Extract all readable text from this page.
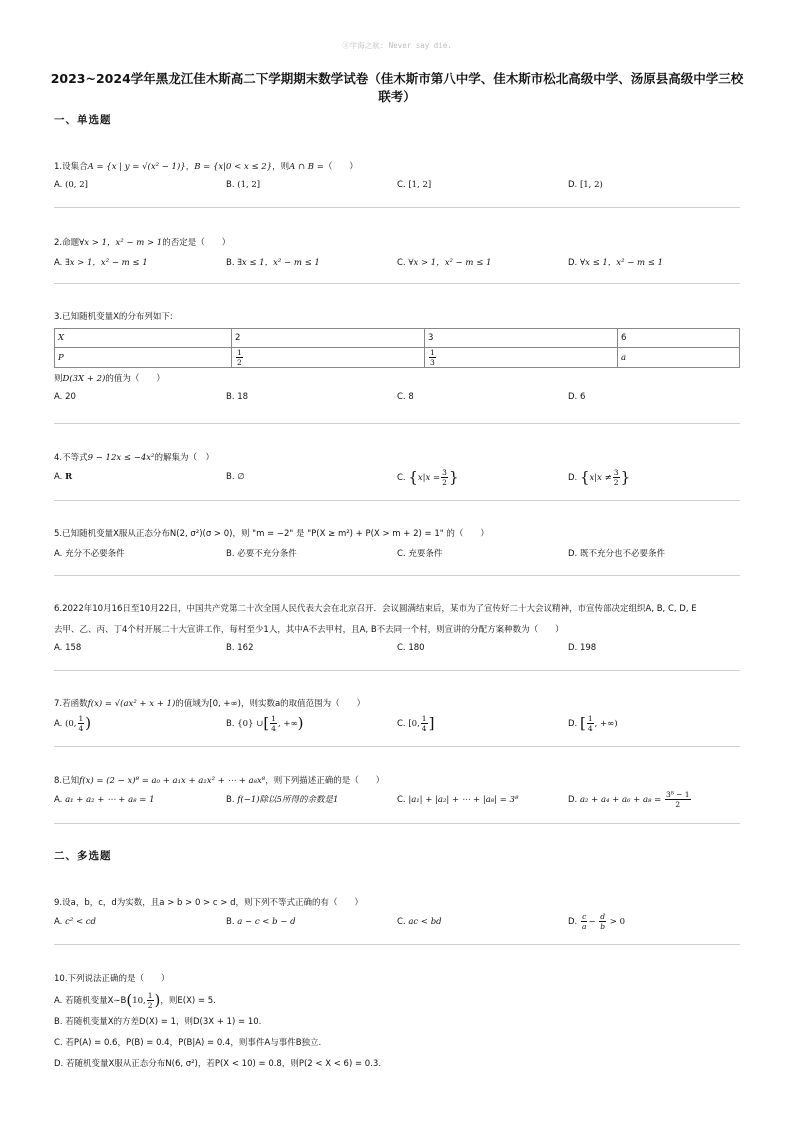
Ⓢ学海之航: Never say die.
2023~2024学年黑龙江佳木斯高二下学期期末数学试卷（佳木斯市第八中学、佳木斯市松北高级中学、汤原县高级中学三校
联考）
一、单选题
1.设集合A = {x | y = √(x² − 1)}，B = {x|0 < x ≤ 2}，则A ∩ B =（　　）
A. (0, 2]	B. (1, 2]	C. [1, 2]	D. [1, 2)
2.命题∀x > 1，x² − m > 1的否定是（　　）
A. ∃x > 1，x² − m ≤ 1	B. ∃x ≤ 1，x² − m ≤ 1	C. ∀x > 1，x² − m ≤ 1	D. ∀x ≤ 1，x² − m ≤ 1
3.已知随机变量X的分布列如下:
X	2	3	6
P	$\frac{1}{2}$	$\frac{1}{3}$	a
则D(3X + 2)的值为（　　）
A. 20	B. 18	C. 8	D. 6
4.不等式9 − 12x ≤ −4x²的解集为（　）
A. R	B. ∅	C. {$x|x = \frac{3}{2}$ }	D. {$x|x \ne \frac{3}{2}$ }
5.已知随机变量X服从正态分布N(2, σ²)(σ > 0)，则 "m = −2" 是 "P(X ≥ m²) + P(X > m + 2) = 1" 的（　　）
A. 充分不必要条件	B. 必要不充分条件	C. 充要条件	D. 既不充分也不必要条件
6.2022年10月16日至10月22日，中国共产党第二十次全国人民代表大会在北京召开．会议圆满结束后，某市为了宣传好二十大会议精神，市宣传部决定组织A, B, C, D, E
去甲、乙、丙、丁4个村开展二十大宣讲工作，每村至少1人，其中A不去甲村，且A, B不去同一个村，则宣讲的分配方案种数为（　　）
A. 158	B. 162	C. 180	D. 198
7.若函数f(x) = √(ax² + x + 1)的值域为[0, +∞)，则实数a的取值范围为（　　）
A. (0, $\frac{1}{4}$ )	B. {0} ∪[ $\frac{1}{4}$ , +∞)	C. [0, $\frac{1}{4}$ ]	D. [ $\frac{1}{4}$ , +∞)
8.已知f(x) = (2 − x)⁸ = a₀ + a₁x + a₂x² + ⋯ + a₈x⁸，则下列描述正确的是（　　）
A. a₁ + a₂ + ⋯ + a₈ = 1	B. f(−1)除以5所得的余数是1	C. |a₁| + |a₂| + ⋯ + |a₈| = 3⁸	D. $a_2 + a_4 + a_6 + a_8 = \frac{\text{3⁸ − 1}}{2}$
二、多选题
9.设a，b，c，d为实数，且a > b > 0 > c > d，则下列不等式正确的有（　　）
A. c² < cd	B. a − c < b − d	C. ac < bd	D. $\frac{c}{a} - \frac{d}{b} > 0$
10.下列说法正确的是（　　）
A. 若随机变量X∼B(10, $\frac{1}{2}$ )，则E(X) = 5.
B. 若随机变量X的方差D(X) = 1，则D(3X + 1) = 10.
C. 若P(A) = 0.6，P(B) = 0.4，P(B|A) = 0.4，则事件A与事件B独立.
D. 若随机变量X服从正态分布N(6, σ²)，若P(X < 10) = 0.8，则P(2 < X < 6) = 0.3.
